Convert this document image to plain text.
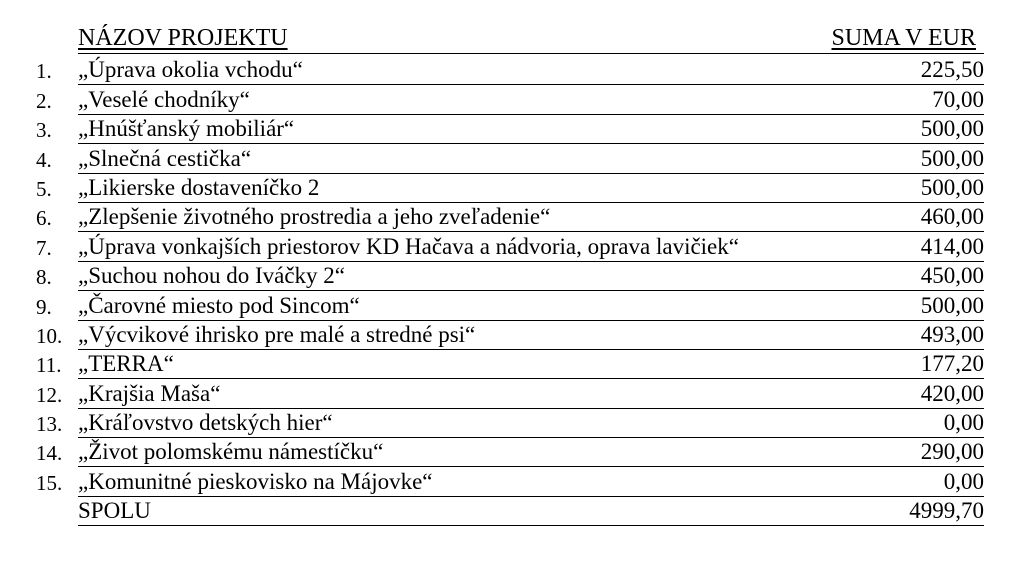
NÁZOV PROJEKTU	SUMA V EUR
1. „Úprava okolia vchodu“	225,50
2. „Veselé chodníky“	70,00
3. „Hnúšťanský mobiliár“	500,00
4. „Slnečná cestička“	500,00
5. „Likierske dostaveníčko 2	500,00
6. „Zlepšenie životného prostredia a jeho zveľadenie“	460,00
7. „Úprava vonkajších priestorov KD Hačava a nádvoria, oprava lavičiek“	414,00
8. „Suchou nohou do Iváčky 2“	450,00
9. „Čarovné miesto pod Sincom“	500,00
10. „Výcvikové ihrisko pre malé a stredné psi“	493,00
11. „TERRA“	177,20
12. „Krajšia Maša“	420,00
13. „Kráľovstvo detských hier“	0,00
14. „Život polomskému námestíčku“	290,00
15. „Komunitné pieskovisko na Májovke“	0,00
SPOLU	4999,70
